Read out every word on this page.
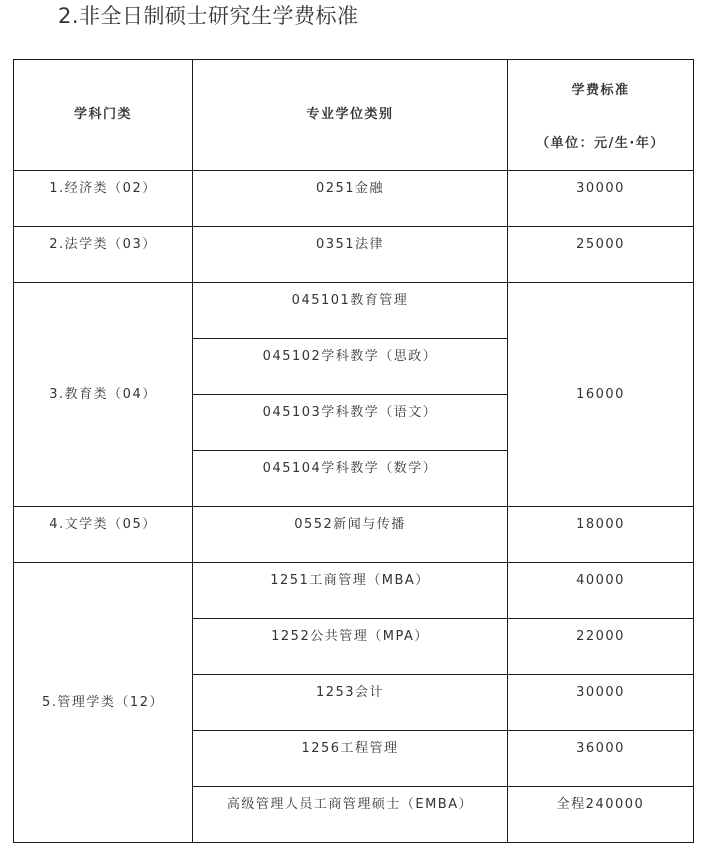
2.非全日制硕士研究生学费标准
学科门类	专业学位类别	学费标准
（单位：元/生·年）

1.经济类（02）	0251金融	30000

2.法学类（03）	0351法律	25000

3.教育类（04）	045101教育管理	16000

	045102学科教学（思政）	

	045103学科教学（语文）	

	045104学科教学（数学）	

4.文学类（05）	0552新闻与传播	18000

5.管理学类（12）	1251工商管理（MBA）	40000

	1252公共管理（MPA）	22000

	1253会计	30000

	1256工程管理	36000

	高级管理人员工商管理硕士（EMBA）	全程240000
